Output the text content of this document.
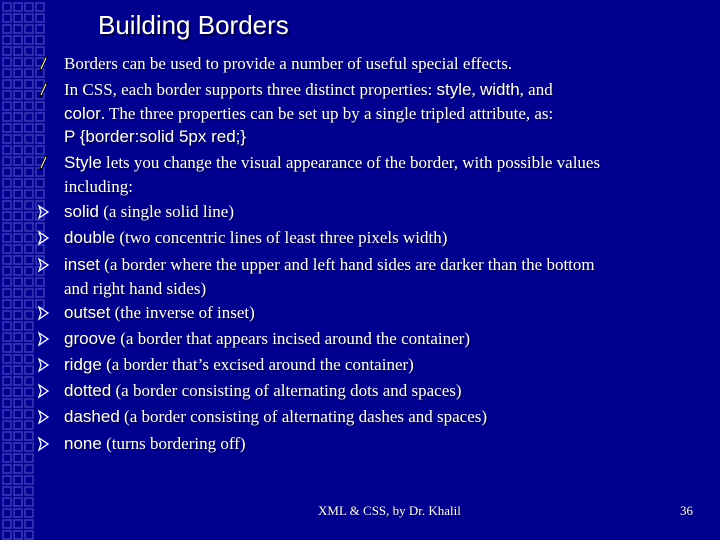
Building Borders
Borders can be used to provide a number of useful special effects.
In CSS, each border supports three distinct properties: style, width, and
color. The three properties can be set up by a single tripled attribute, as:
P {border:solid 5px red;}
Style lets you change the visual appearance of the border, with possible values
including:
solid (a single solid line)
double (two concentric lines of least three pixels width)
inset (a border where the upper and left hand sides are darker than the bottom
and right hand sides)
outset (the inverse of inset)
groove (a border that appears incised around the container)
ridge (a border that’s excised around the container)
dotted (a border consisting of alternating dots and spaces)
dashed (a border consisting of alternating dashes and spaces)
none (turns bordering off)
XML & CSS, by Dr. Khalil	36
